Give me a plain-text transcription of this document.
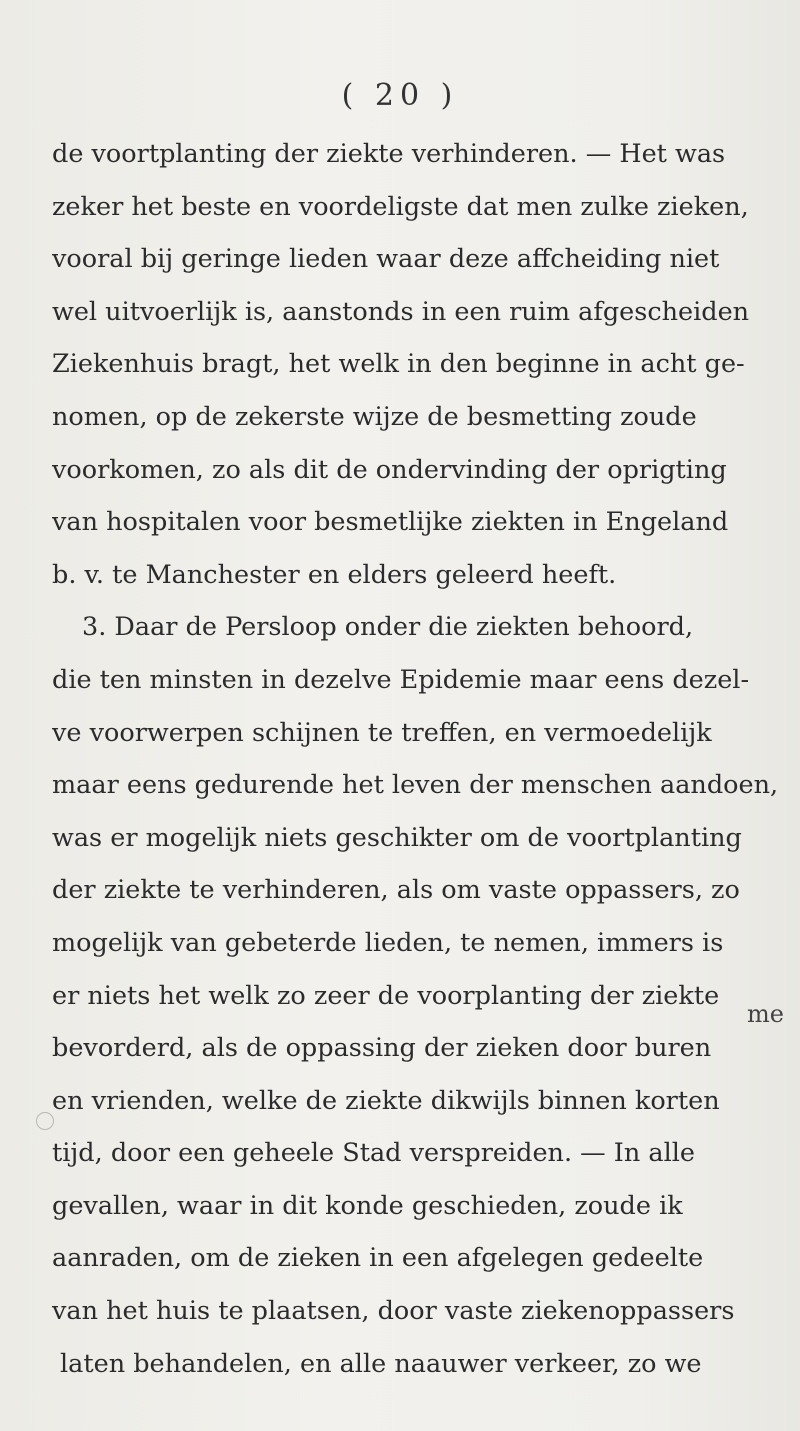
( 20 )
de voortplanting der ziekte verhinderen. — Het was
zeker het beste en voordeligste dat men zulke zieken,
vooral bij geringe lieden waar deze affcheiding niet
wel uitvoerlijk is, aanstonds in een ruim afgescheiden
Ziekenhuis bragt, het welk in den beginne in acht ge-
nomen, op de zekerste wijze de besmetting zoude
voorkomen, zo als dit de ondervinding der oprigting
van hospitalen voor besmetlijke ziekten in Engeland
b. v. te Manchester en elders geleerd heeft.
3. Daar de Persloop onder die ziekten behoord,
die ten minsten in dezelve Epidemie maar eens dezel-
ve voorwerpen schijnen te treffen, en vermoedelijk
maar eens gedurende het leven der menschen aandoen,
was er mogelijk niets geschikter om de voortplanting
der ziekte te verhinderen, als om vaste oppassers, zo
mogelijk van gebeterde lieden, te nemen, immers is
er niets het welk zo zeer de voorplanting der ziekte
bevorderd, als de oppassing der zieken door buren
en vrienden, welke de ziekte dikwijls binnen korten
tijd, door een geheele Stad verspreiden. — In alle
gevallen, waar in dit konde geschieden, zoude ik
aanraden, om de zieken in een afgelegen gedeelte
van het huis te plaatsen, door vaste ziekenoppassers
laten behandelen, en alle naauwer verkeer, zo we
me
